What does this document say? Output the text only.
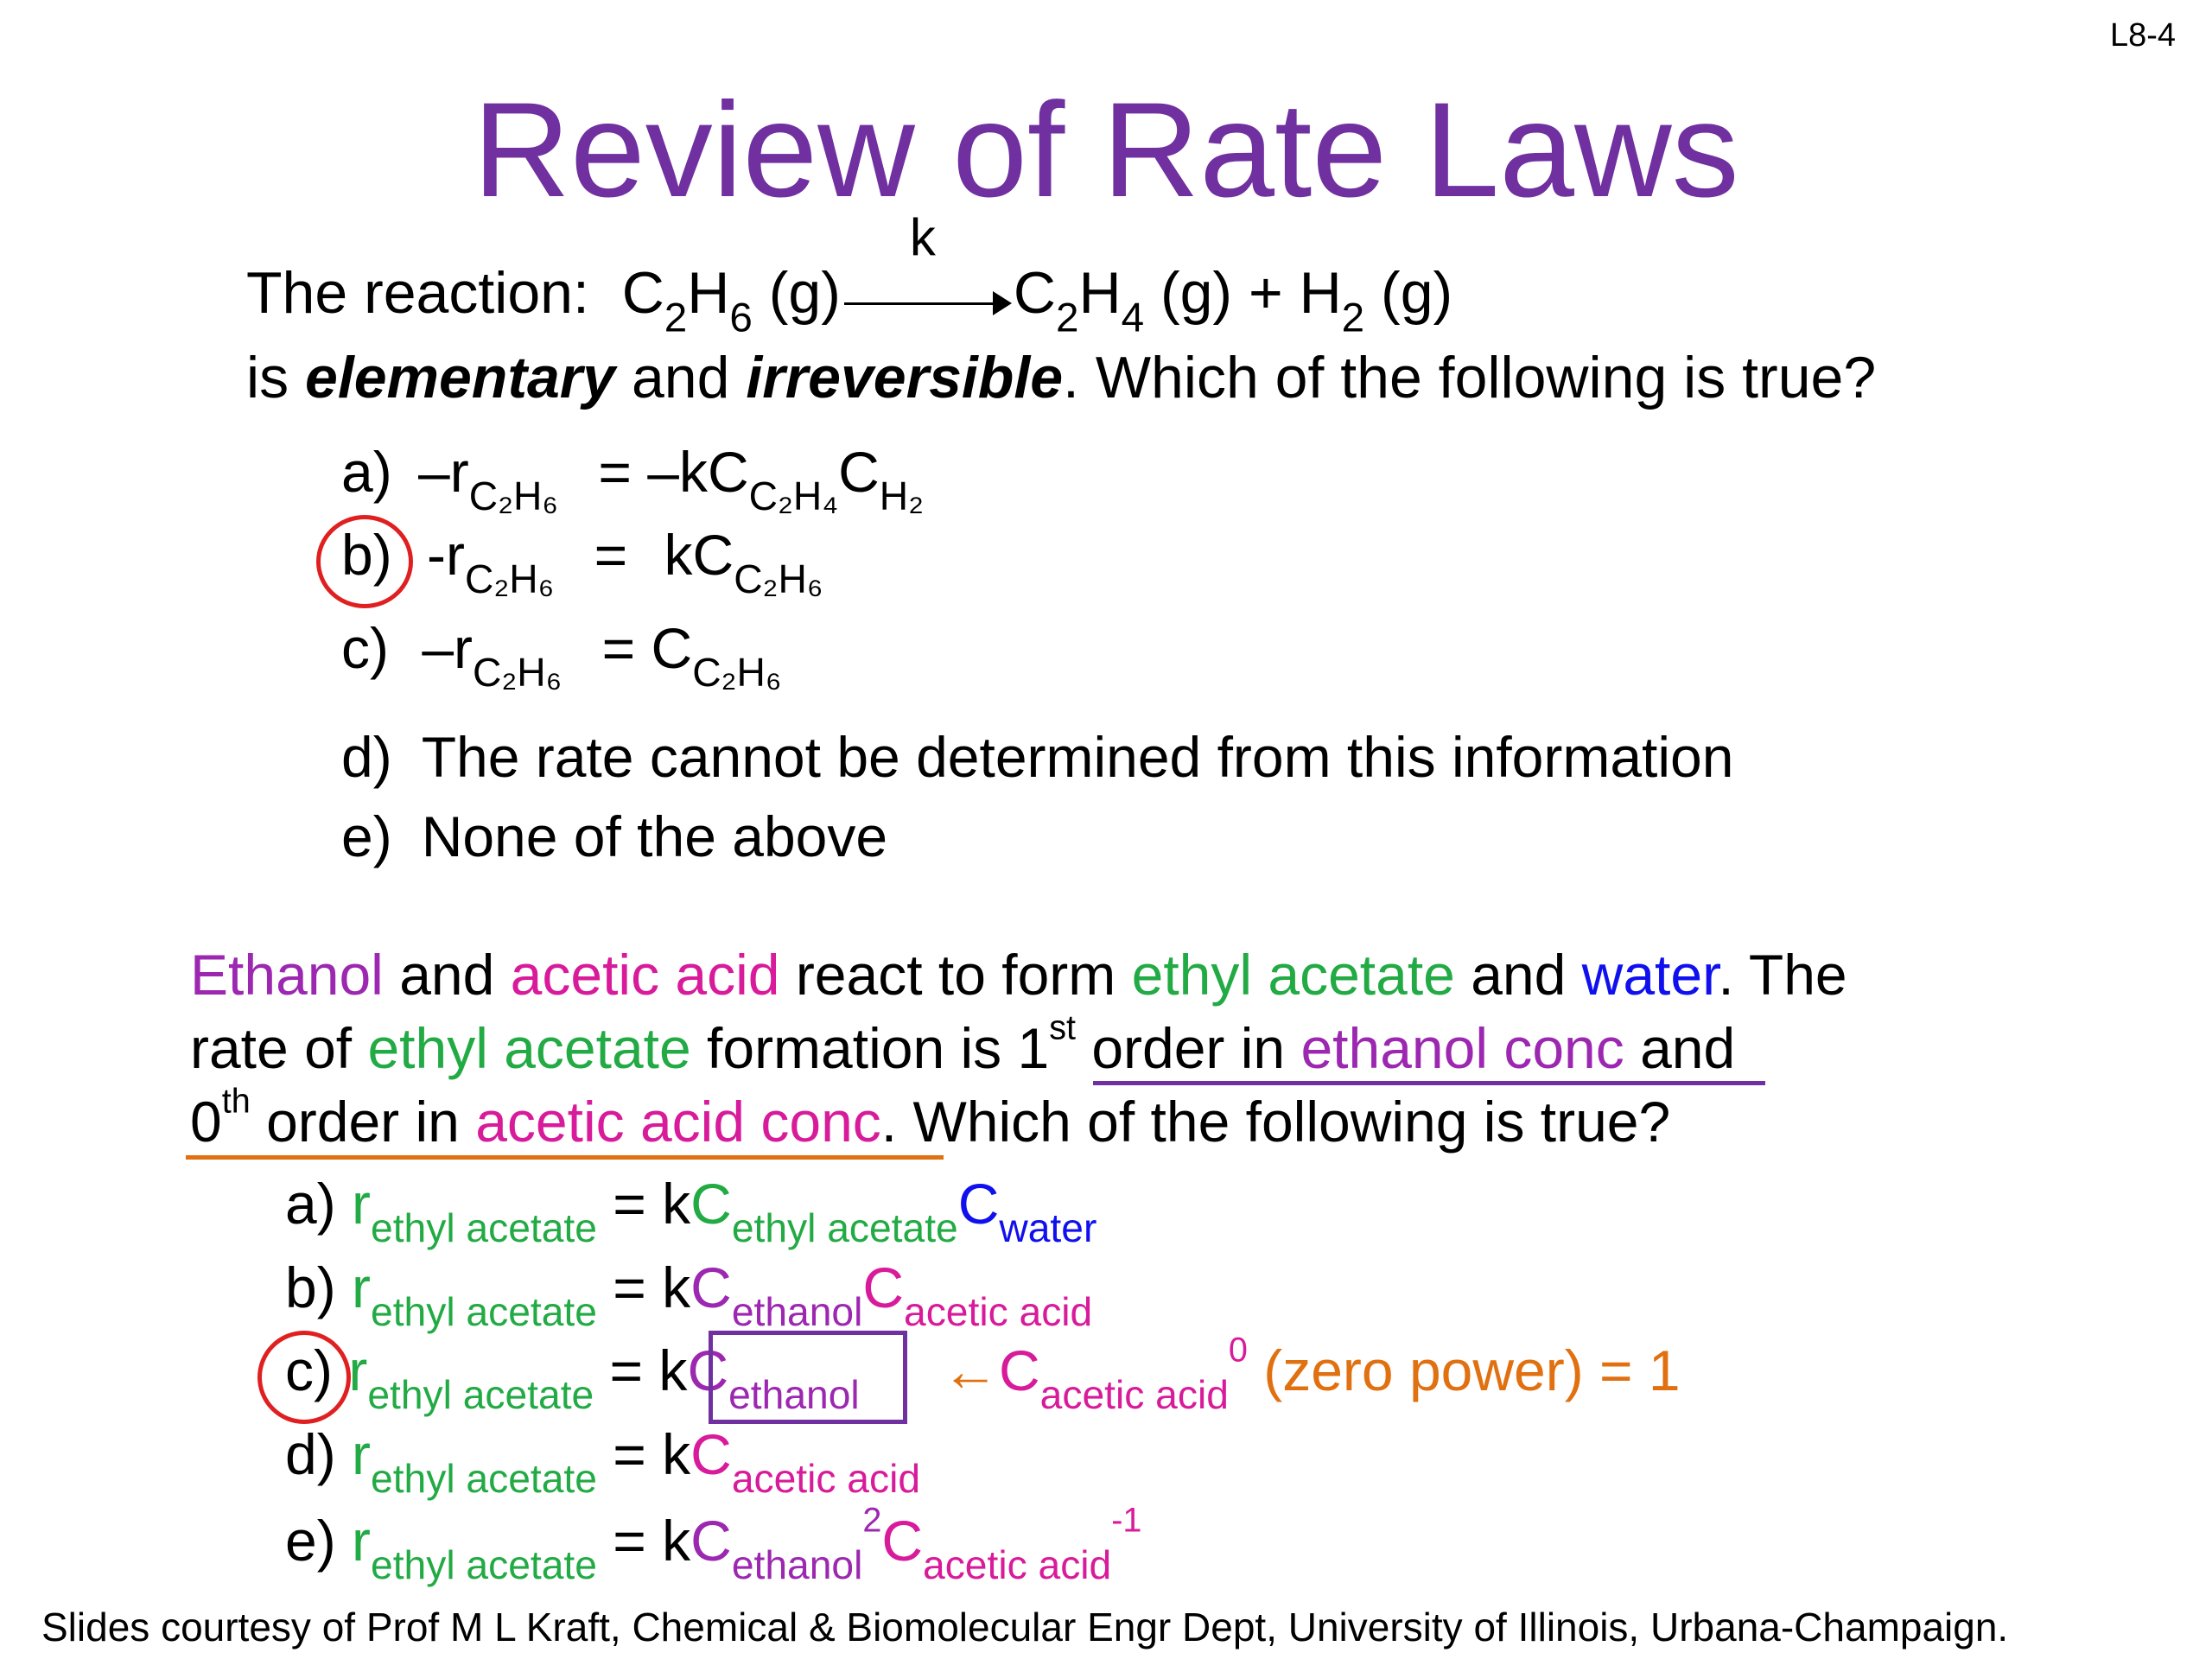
L8-4
Review of Rate Laws
The reaction: $C_2H_6$ (g)
k
$C_2H_4$ $(g) + H_2$ (g)
is elementary and irreversible. Which of the following is true?
a) $-r_{C_2H_6} = -kC_{C_2H_4}C_{H_2}$
b) $-r_{C_2H_6} = kC_{C_2H_6}$
c) $-r_{C_2H_6} = C_{C_2H_6}$
d) The rate cannot be determined from this information
e) None of the above
Ethanol and acetic acid react to form ethyl acetate and water. The
rate of ethyl acetate formation is 1st order in ethanol conc and
0th order in acetic acid conc. Which of the following is true?
a) $r_{ethyl acetate} = kC_{ethyl acetate}C_{water}$
b) $r_{ethyl acetate} = kC_{ethanol}C_{acetic acid}$
c) $r_{ethyl acetate} = kC_{ethanol}$ $\leftarrow C_{acetic acid}^0$ (zero power) = 1
d) $r_{ethyl acetate} = kC_{acetic acid}$
e) $r_{ethyl acetate} = kC_{ethanol}^2C_{acetic acid}^{-1}$
Slides courtesy of Prof M L Kraft, Chemical & Biomolecular Engr Dept, University of Illinois, Urbana-Champaign.
